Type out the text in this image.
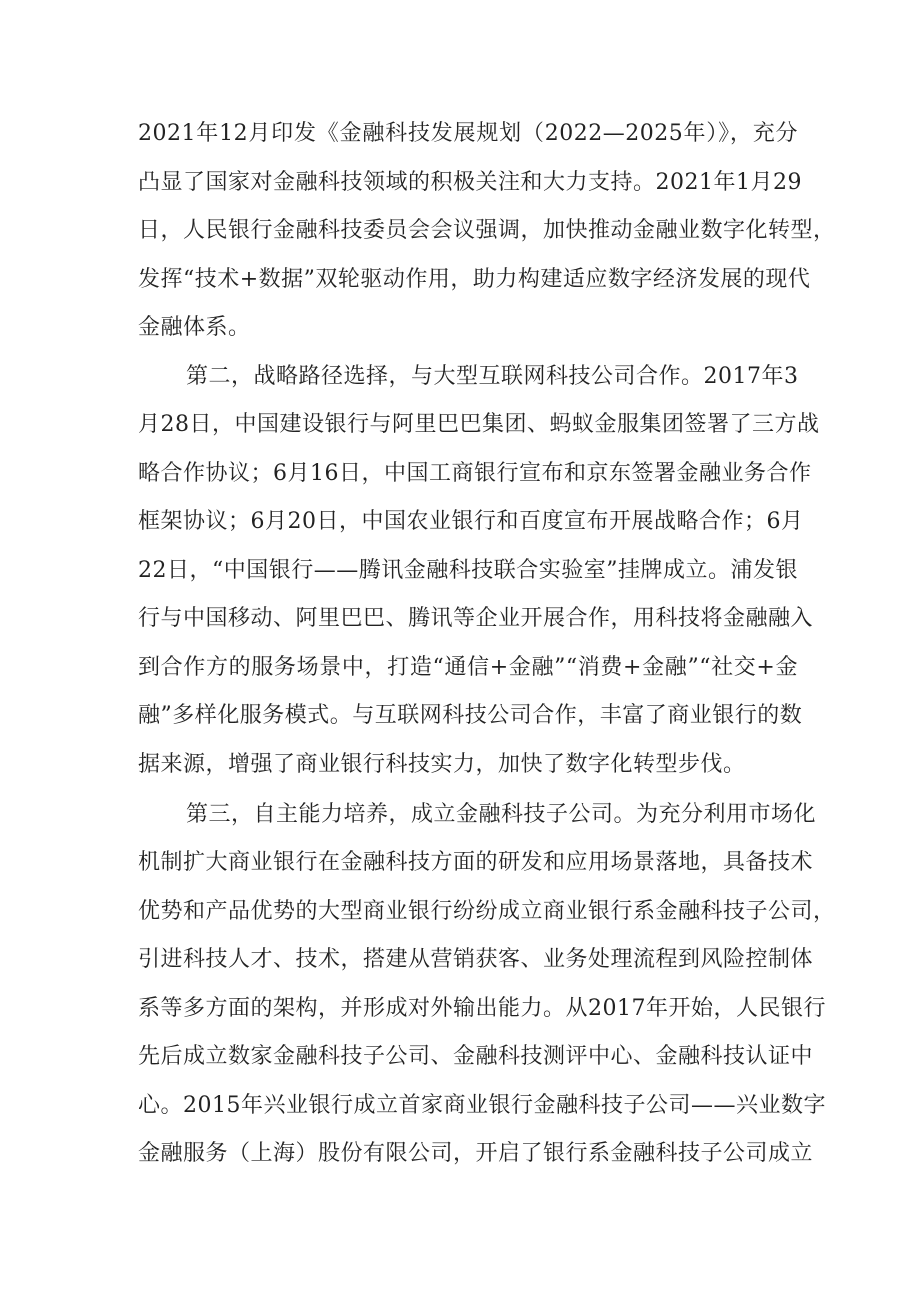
2021年12月印发《金融科技发展规划（2022—2025年）》，充分
凸显了国家对金融科技领域的积极关注和大力支持。2021年1月29
日，人民银行金融科技委员会会议强调，加快推动金融业数字化转型，
发挥“技术+数据”双轮驱动作用，助力构建适应数字经济发展的现代
金融体系。
第二，战略路径选择，与大型互联网科技公司合作。2017年3
月28日，中国建设银行与阿里巴巴集团、蚂蚁金服集团签署了三方战
略合作协议；6月16日，中国工商银行宣布和京东签署金融业务合作
框架协议；6月20日，中国农业银行和百度宣布开展战略合作；6月
22日，“中国银行——腾讯金融科技联合实验室”挂牌成立。浦发银
行与中国移动、阿里巴巴、腾讯等企业开展合作，用科技将金融融入
到合作方的服务场景中，打造“通信+金融”“消费+金融”“社交+金
融”多样化服务模式。与互联网科技公司合作，丰富了商业银行的数
据来源，增强了商业银行科技实力，加快了数字化转型步伐。
第三，自主能力培养，成立金融科技子公司。为充分利用市场化
机制扩大商业银行在金融科技方面的研发和应用场景落地，具备技术
优势和产品优势的大型商业银行纷纷成立商业银行系金融科技子公司，
引进科技人才、技术，搭建从营销获客、业务处理流程到风险控制体
系等多方面的架构，并形成对外输出能力。从2017年开始，人民银行
先后成立数家金融科技子公司、金融科技测评中心、金融科技认证中
心。2015年兴业银行成立首家商业银行金融科技子公司——兴业数字
金融服务（上海）股份有限公司，开启了银行系金融科技子公司成立
